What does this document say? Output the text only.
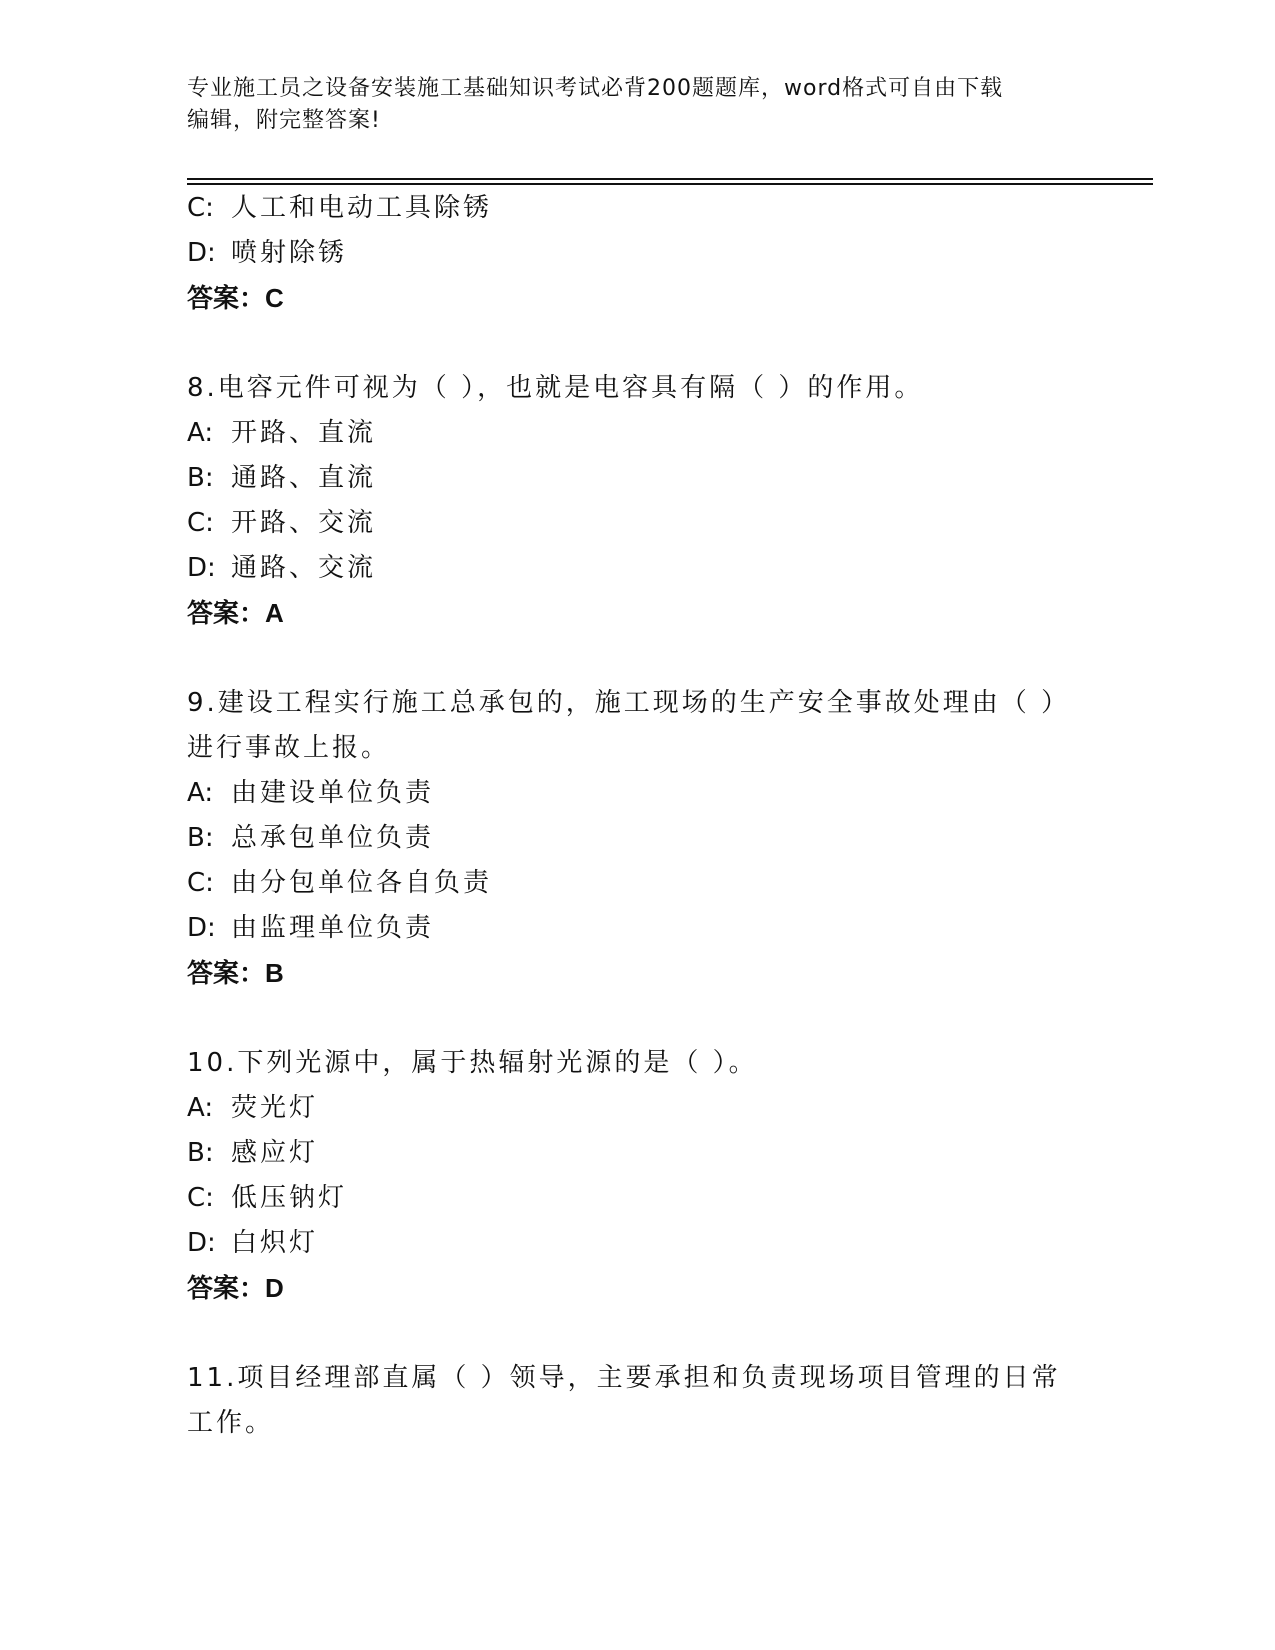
专业施工员之设备安装施工基础知识考试必背200题题库，word格式可自由下载
编辑，附完整答案!
C: 人工和电动工具除锈
D: 喷射除锈
答案：C
8.电容元件可视为（ ），也就是电容具有隔（ ）的作用。
A: 开路、直流
B: 通路、直流
C: 开路、交流
D: 通路、交流
答案：A
9.建设工程实行施工总承包的，施工现场的生产安全事故处理由（ ）
进行事故上报。
A: 由建设单位负责
B: 总承包单位负责
C: 由分包单位各自负责
D: 由监理单位负责
答案：B
10.下列光源中，属于热辐射光源的是（ ）。
A: 荧光灯
B: 感应灯
C: 低压钠灯
D: 白炽灯
答案：D
11.项目经理部直属（ ）领导，主要承担和负责现场项目管理的日常
工作。
